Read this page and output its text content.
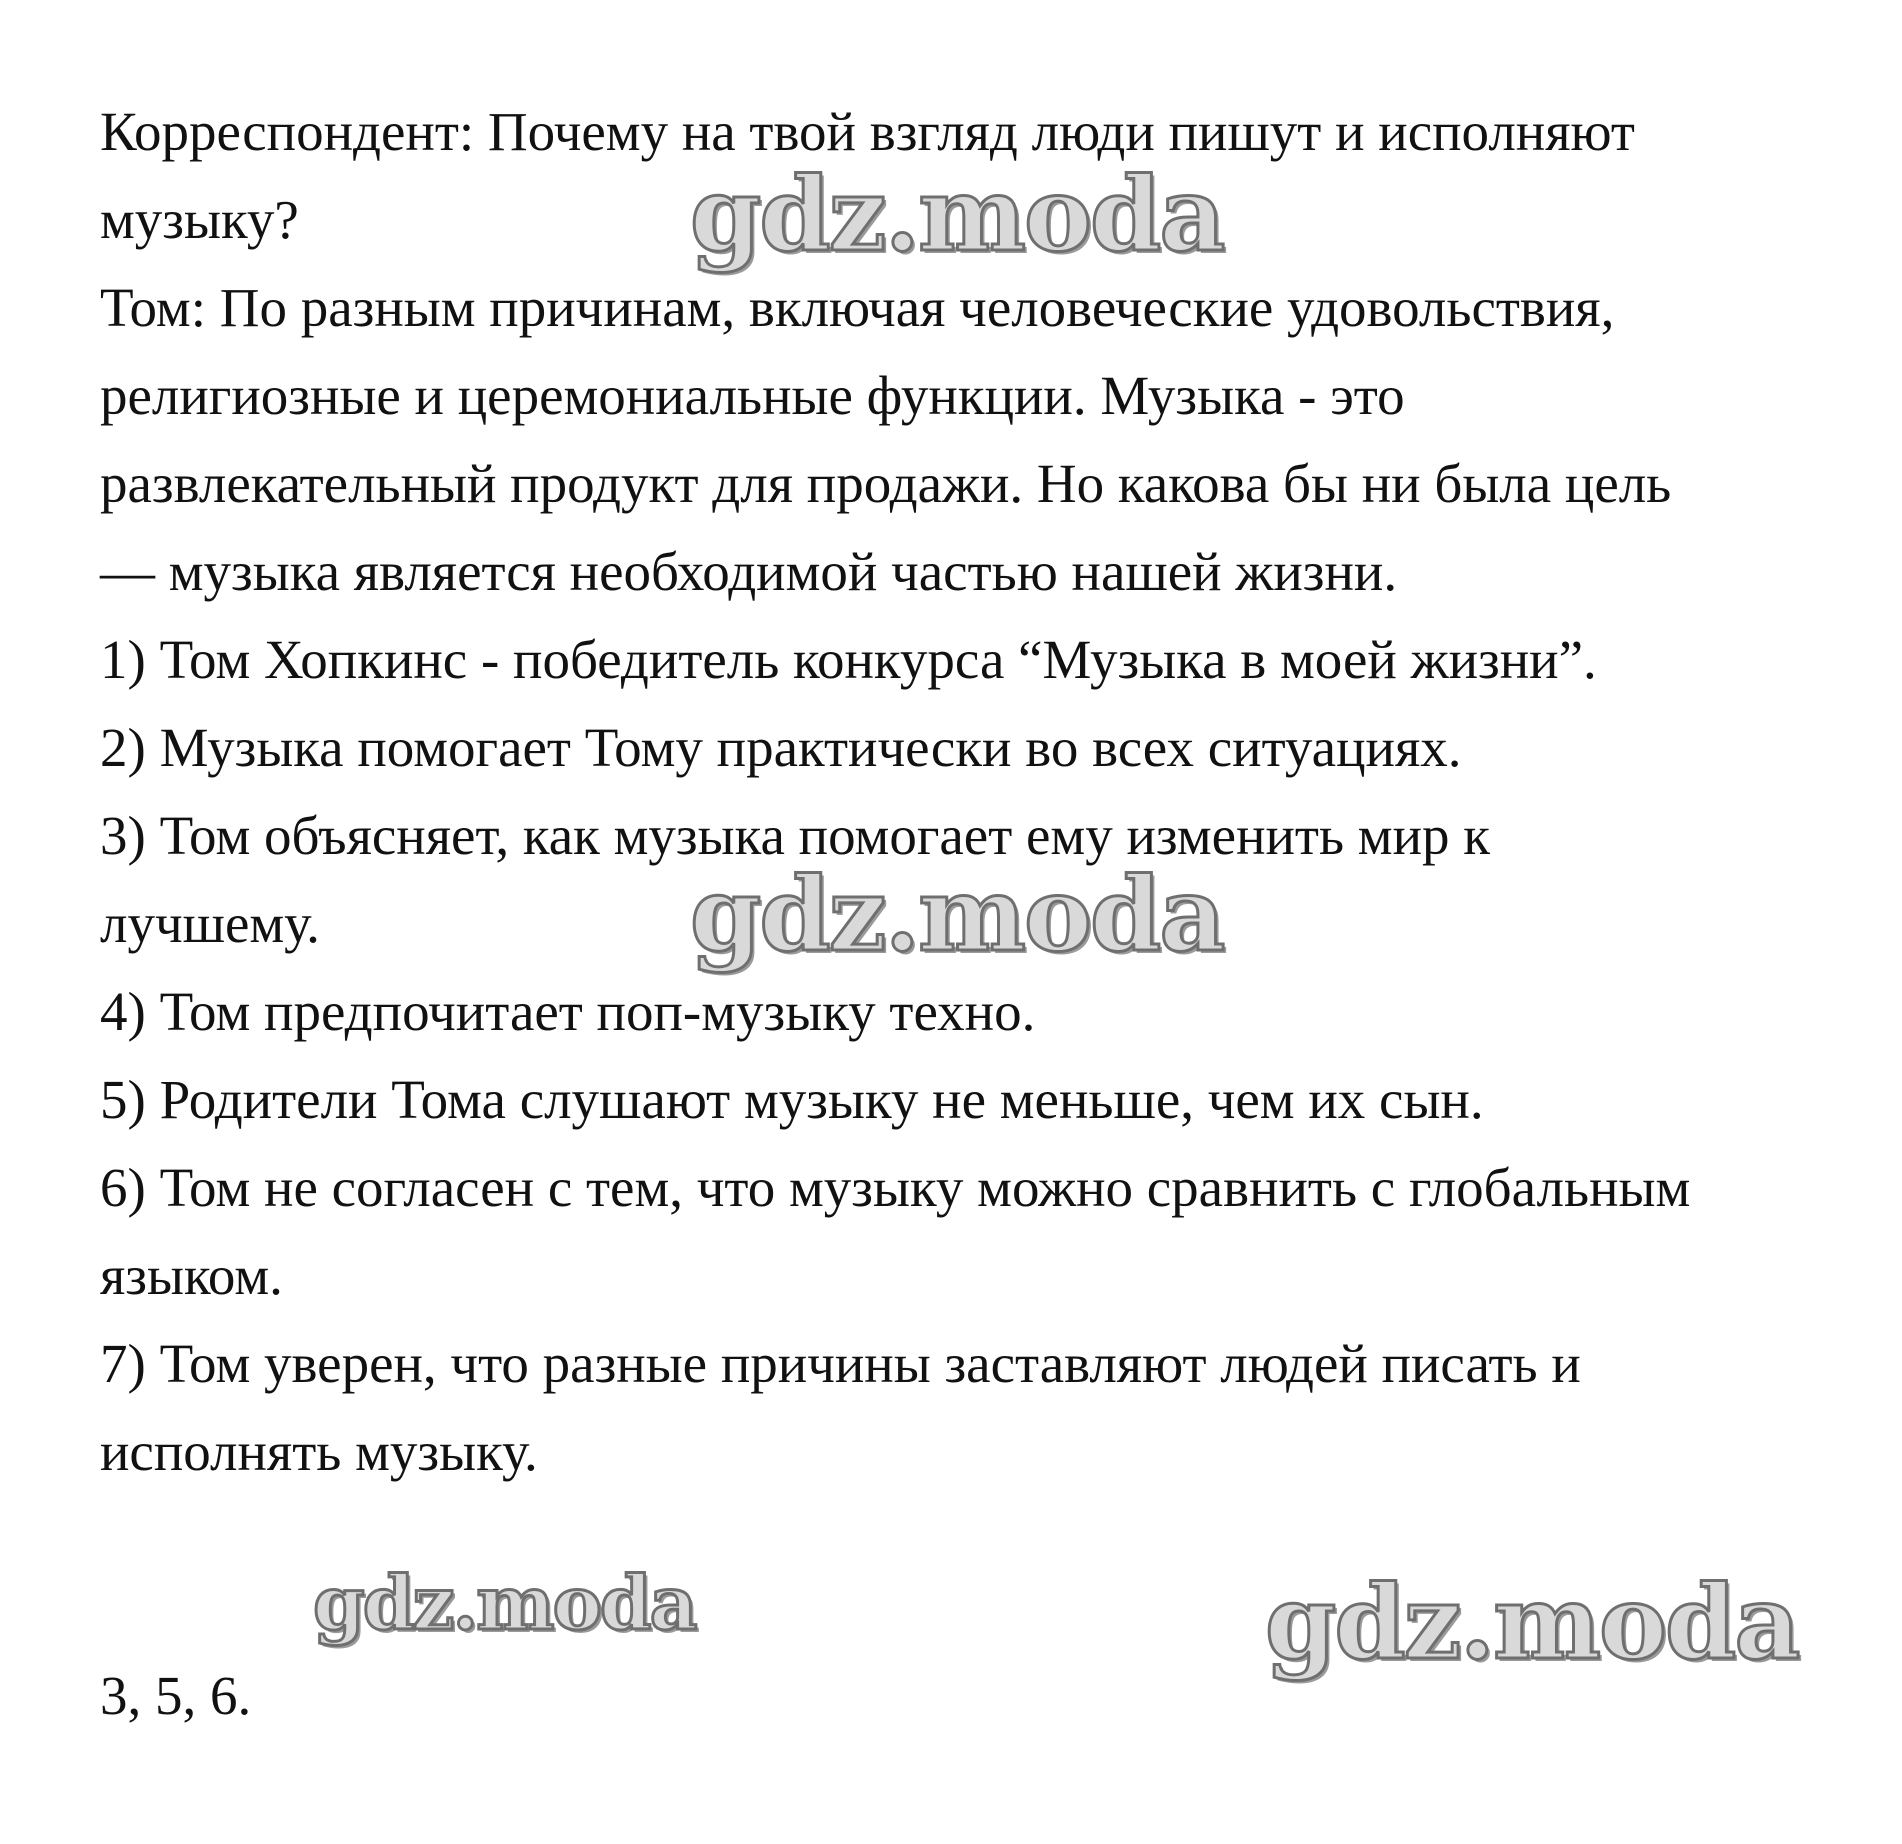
Корреспондент: Почему на твой взгляд люди пишут и исполняют
музыку?
Том: По разным причинам, включая человеческие удовольствия,
религиозные и церемониальные функции. Музыка - это
развлекательный продукт для продажи. Но какова бы ни была цель
— музыка является необходимой частью нашей жизни.
1) Том Хопкинс - победитель конкурса “Музыка в моей жизни”.
2) Музыка помогает Тому практически во всех ситуациях.
3) Том объясняет, как музыка помогает ему изменить мир к
лучшему.
4) Том предпочитает поп-музыку техно.
5) Родители Тома слушают музыку не меньше, чем их сын.
6) Том не согласен с тем, что музыку можно сравнить с глобальным
языком.
7) Том уверен, что разные причины заставляют людей писать и
исполнять музыку.
3, 5, 6.
gdz.moda
gdz.moda
gdz.moda	gdz.moda
